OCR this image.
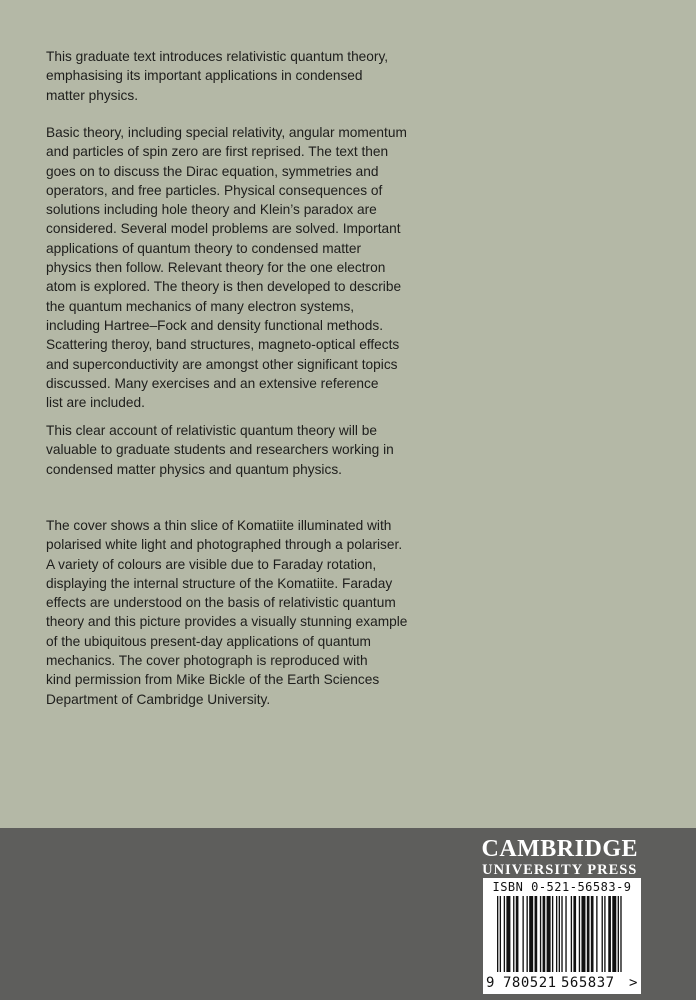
This graduate text introduces relativistic quantum theory,
emphasising its important applications in condensed
matter physics.

Basic theory, including special relativity, angular momentum
and particles of spin zero are first reprised. The text then
goes on to discuss the Dirac equation, symmetries and
operators, and free particles. Physical consequences of
solutions including hole theory and Klein’s paradox are
considered. Several model problems are solved. Important
applications of quantum theory to condensed matter
physics then follow. Relevant theory for the one electron
atom is explored. The theory is then developed to describe
the quantum mechanics of many electron systems,
including Hartree–Fock and density functional methods.
Scattering theroy, band structures, magneto-optical effects
and superconductivity are amongst other significant topics
discussed. Many exercises and an extensive reference
list are included.

This clear account of relativistic quantum theory will be
valuable to graduate students and researchers working in
condensed matter physics and quantum physics.

The cover shows a thin slice of Komatiite illuminated with
polarised white light and photographed through a polariser.
A variety of colours are visible due to Faraday rotation,
displaying the internal structure of the Komatiite. Faraday
effects are understood on the basis of relativistic quantum
theory and this picture provides a visually stunning example
of the ubiquitous present-day applications of quantum
mechanics. The cover photograph is reproduced with
kind permission from Mike Bickle of the Earth Sciences
Department of Cambridge University.

CAMBRIDGE
UNIVERSITY PRESS
ISBN 0-521-56583-9
9 780521 565837 >
